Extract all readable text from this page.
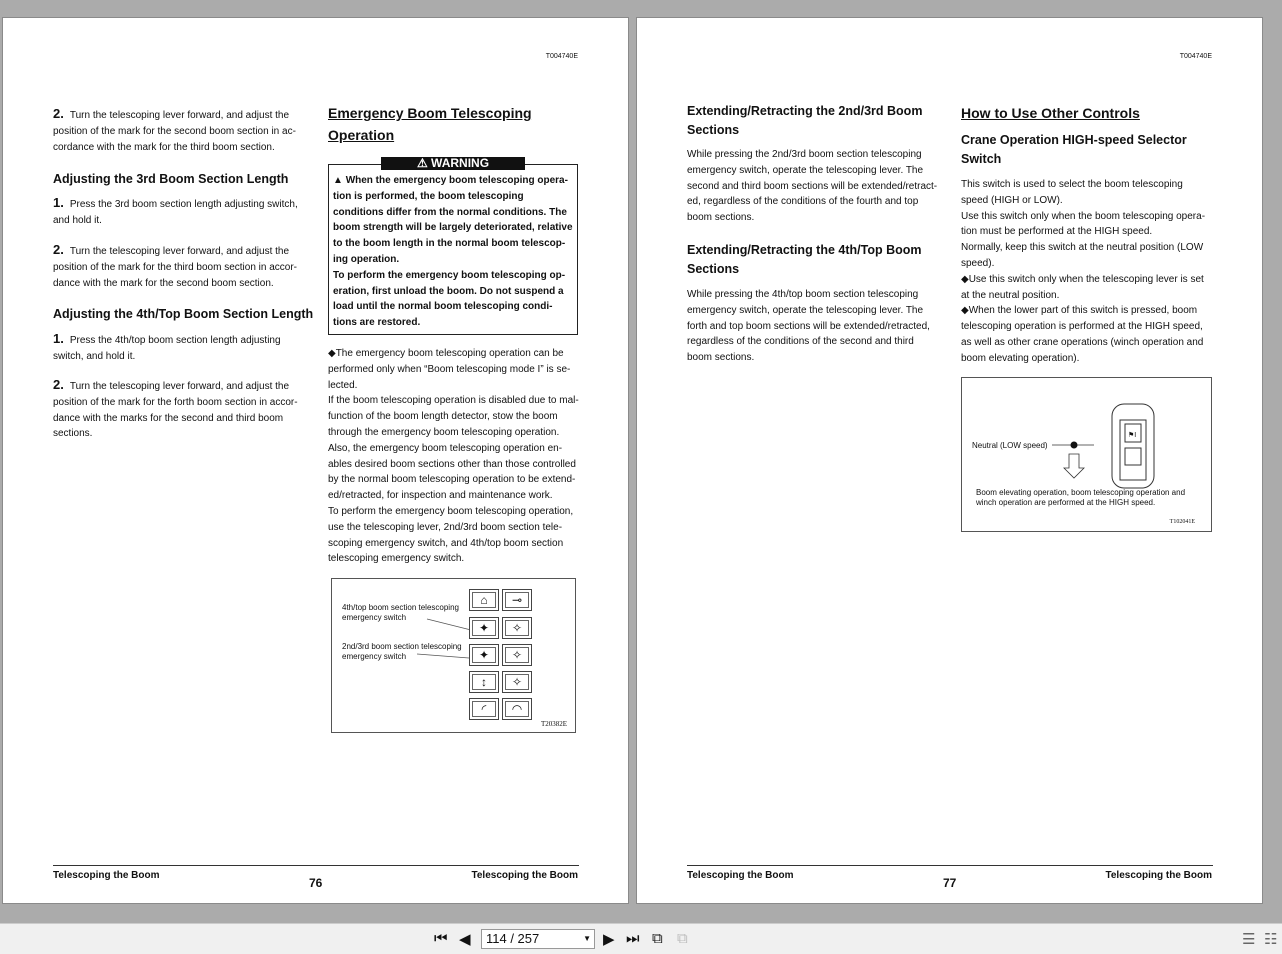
T004740E
2. Turn the telescoping lever forward, and adjust the

position of the mark for the second boom section in ac-
cordance with the mark for the third boom section.
Adjusting the 3rd Boom Section Length
1. Press the 3rd boom section length adjusting switch,

and hold it.
2. Turn the telescoping lever forward, and adjust the

position of the mark for the third boom section in accor-
dance with the mark for the second boom section.
Adjusting the 4th/Top Boom Section Length
1. Press the 4th/top boom section length adjusting

switch, and hold it.
2. Turn the telescoping lever forward, and adjust the

position of the mark for the forth boom section in accor-
dance with the marks for the second and third boom
sections.
Emergency Boom Telescoping
Operation
⚠ WARNING
▲ When the emergency boom telescoping opera-
tion is performed, the boom telescoping
conditions differ from the normal conditions. The
boom strength will be largely deteriorated, relative
to the boom length in the normal boom telescop-
ing operation.
To perform the emergency boom telescoping op-
eration, first unload the boom. Do not suspend a
load until the normal boom telescoping condi-
tions are restored.
◆The emergency boom telescoping operation can be
performed only when “Boom telescoping mode I” is se-
lected.
If the boom telescoping operation is disabled due to mal-
function of the boom length detector, stow the boom
through the emergency boom telescoping operation.
Also, the emergency boom telescoping operation en-
ables desired boom sections other than those controlled
by the normal boom telescoping operation to be extend-
ed/retracted, for inspection and maintenance work.
To perform the emergency boom telescoping operation,
use the telescoping lever, 2nd/3rd boom section tele-
scoping emergency switch, and 4th/top boom section
telescoping emergency switch.
4th/top boom section telescoping
emergency switch
2nd/3rd boom section telescoping
emergency switch
⌂	⊸
✦	✧
✦	✧
↕	✧
◜	◠
T20382E
Telescoping the Boom
76
Telescoping the Boom
T004740E
Extending/Retracting the 2nd/3rd Boom
Sections
While pressing the 2nd/3rd boom section telescoping
emergency switch, operate the telescoping lever. The
second and third boom sections will be extended/retract-
ed, regardless of the conditions of the fourth and top
boom sections.
Extending/Retracting the 4th/Top Boom
Sections
While pressing the 4th/top boom section telescoping
emergency switch, operate the telescoping lever. The
forth and top boom sections will be extended/retracted,
regardless of the conditions of the second and third
boom sections.
How to Use Other Controls
Crane Operation HIGH-speed Selector
Switch
This switch is used to select the boom telescoping
speed (HIGH or LOW).
Use this switch only when the boom telescoping opera-
tion must be performed at the HIGH speed.
Normally, keep this switch at the neutral position (LOW
speed).
◆Use this switch only when the telescoping lever is set
at the neutral position.
◆When the lower part of this switch is pressed, boom
telescoping operation is performed at the HIGH speed,
as well as other crane operations (winch operation and
boom elevating operation).
Neutral (LOW speed)
⚑I
Boom elevating operation, boom telescoping operation and
winch operation are performed at the HIGH speed.
T102041E
Telescoping the Boom
77
Telescoping the Boom
⏮ ◀	114 / 257	▼ ▶ ⏭ ⧉ ⧉	☰ ☷
